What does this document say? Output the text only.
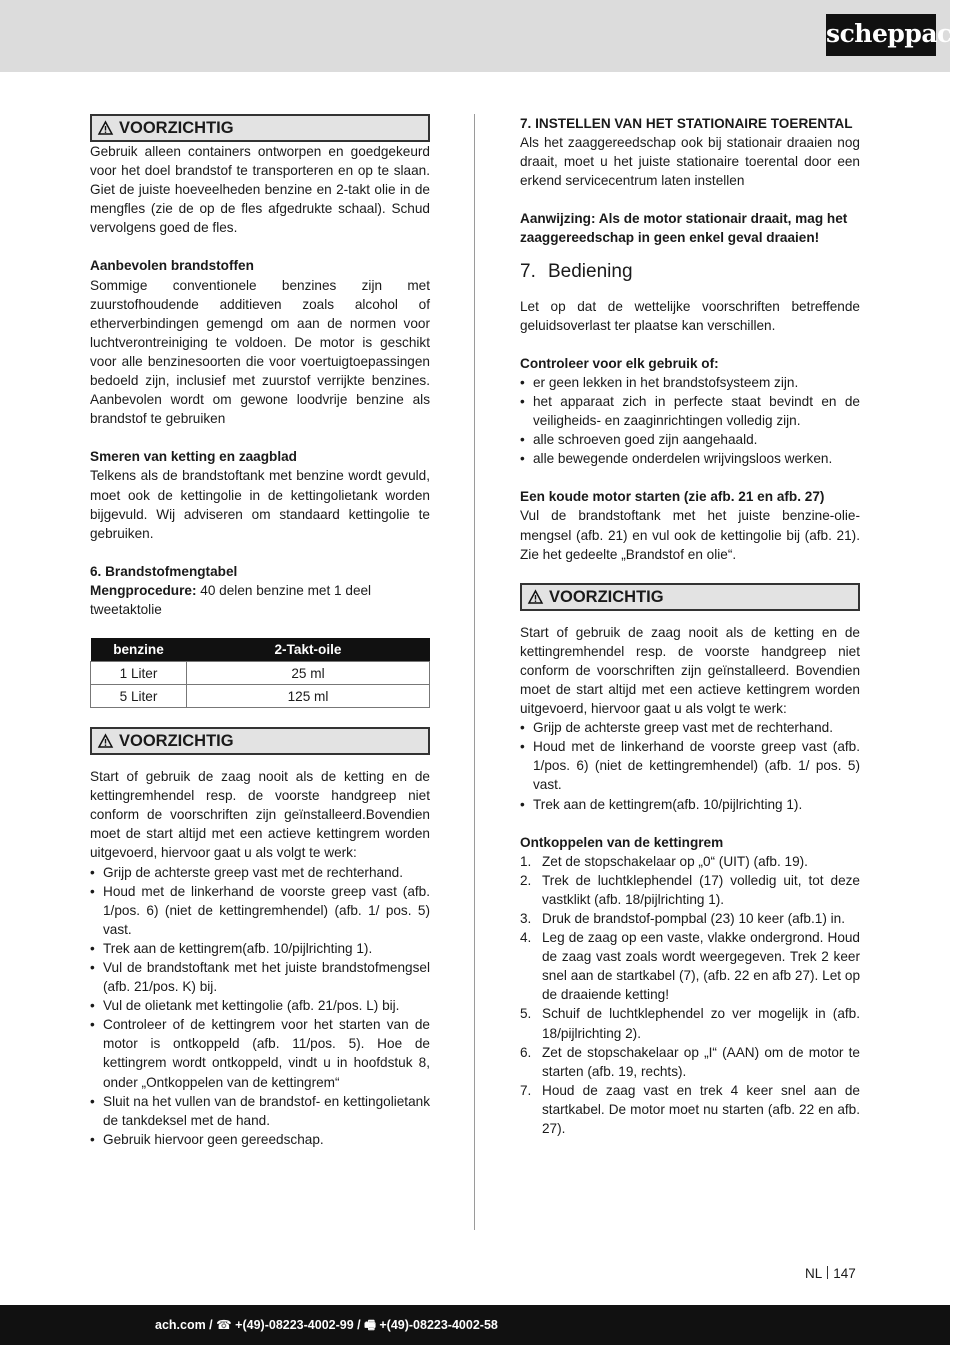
scheppach
VOORZICHTIG

Gebruik alleen containers ontworpen en goedgekeurd voor het doel brandstof te transporteren en op te slaan. Giet de juiste hoeveelheden benzine en 2-takt olie in de mengfles (zie de op de fles afgedrukte schaal). Schud vervolgens goed de fles.

Aanbevolen brandstoffen

Sommige conventionele benzines zijn met zuurstofhoudende additieven zoals alcohol of etherverbindingen gemengd om aan de normen voor luchtverontreiniging te voldoen. De motor is geschikt voor alle benzinesoorten die voor voertuigtoepassingen bedoeld zijn, inclusief met zuurstof verrijkte benzines. Aanbevolen wordt om gewone loodvrije benzine als brandstof te gebruiken

Smeren van ketting en zaagblad

Telkens als de brandstoftank met benzine wordt gevuld, moet ook de kettingolie in de kettingolietank worden bijgevuld. Wij adviseren om standaard kettingolie te gebruiken.

6. Brandstofmengtabel

Mengprocedure: 40 delen benzine met 1 deel tweetaktolie

benzine	2-Takt-oile
1 Liter	25 ml
5 Liter	125 ml
VOORZICHTIG

Start of gebruik de zaag nooit als de ketting en de kettingremhendel resp. de voorste handgreep niet conform de voorschriften zijn geïnstalleerd.Bovendien moet de start altijd met een actieve kettingrem worden uitgevoerd, hiervoor gaat u als volgt te werk:

• Grijp de achterste greep vast met de rechterhand.
• Houd met de linkerhand de voorste greep vast (afb. 1/pos. 6) (niet de kettingremhendel) (afb. 1/ pos. 5) vast.
• Trek aan de kettingrem(afb. 10/pijlrichting 1).
• Vul de brandstoftank met het juiste brandstofmengsel (afb. 21/pos. K) bij.
• Vul de olietank met kettingolie (afb. 21/pos. L) bij.
• Controleer of de kettingrem voor het starten van de motor is ontkoppeld (afb. 11/pos. 5). Hoe de kettingrem wordt ontkoppeld, vindt u in hoofdstuk 8, onder „Ontkoppelen van de kettingrem“
• Sluit na het vullen van de brandstof- en kettingolietank de tankdeksel met de hand.
• Gebruik hiervoor geen gereedschap.

7. INSTELLEN VAN HET STATIONAIRE TOERENTAL

Als het zaaggereedschap ook bij stationair draaien nog draait, moet u het juiste stationaire toerental door een erkend servicecentrum laten instellen

Aanwijzing: Als de motor stationair draait, mag het zaaggereedschap in geen enkel geval draaien!

7. Bediening

Let op dat de wettelijke voorschriften betreffende geluidsoverlast ter plaatse kan verschillen.

Controleer voor elk gebruik of:

• er geen lekken in het brandstofsysteem zijn.
• het apparaat zich in perfecte staat bevindt en de veiligheids- en zaaginrichtingen volledig zijn.
• alle schroeven goed zijn aangehaald.
• alle bewegende onderdelen wrijvingsloos werken.

Een koude motor starten (zie afb. 21 en afb. 27)

Vul de brandstoftank met het juiste benzine-olie-mengsel (afb. 21) en vul ook de kettingolie bij (afb. 21). Zie het gedeelte „Brandstof en olie“.

VOORZICHTIG

Start of gebruik de zaag nooit als de ketting en de kettingremhendel resp. de voorste handgreep niet conform de voorschriften zijn geïnstalleerd. Bovendien moet de start altijd met een actieve kettingrem worden uitgevoerd, hiervoor gaat u als volgt te werk:

• Grijp de achterste greep vast met de rechterhand.
• Houd met de linkerhand de voorste greep vast (afb. 1/pos. 6) (niet de kettingremhendel) (afb. 1/ pos. 5) vast.
• Trek aan de kettingrem(afb. 10/pijlrichting 1).

Ontkoppelen van de kettingrem

1. Zet de stopschakelaar op „0“ (UIT) (afb. 19).
2. Trek de luchtklephendel (17) volledig uit, tot deze vastklikt (afb. 18/pijlrichting 1).
3. Druk de brandstof-pompbal (23) 10 keer (afb.1) in.
4. Leg de zaag op een vaste, vlakke ondergrond. Houd de zaag vast zoals wordt weergegeven. Trek 2 keer snel aan de startkabel (7), (afb. 22 en afb 27). Let op de draaiende ketting!
5. Schuif de luchtklephendel zo ver mogelijk in (afb. 18/pijlrichting 2).
6. Zet de stopschakelaar op „I“ (AAN) om de motor te starten (afb. 19, rechts).
7. Houd de zaag vast en trek 4 keer snel aan de startkabel. De motor moet nu starten (afb. 22 en afb. 27).
NL 147
ach.com / ☎ +(49)-08223-4002-99 / 🖷 +(49)-08223-4002-58
